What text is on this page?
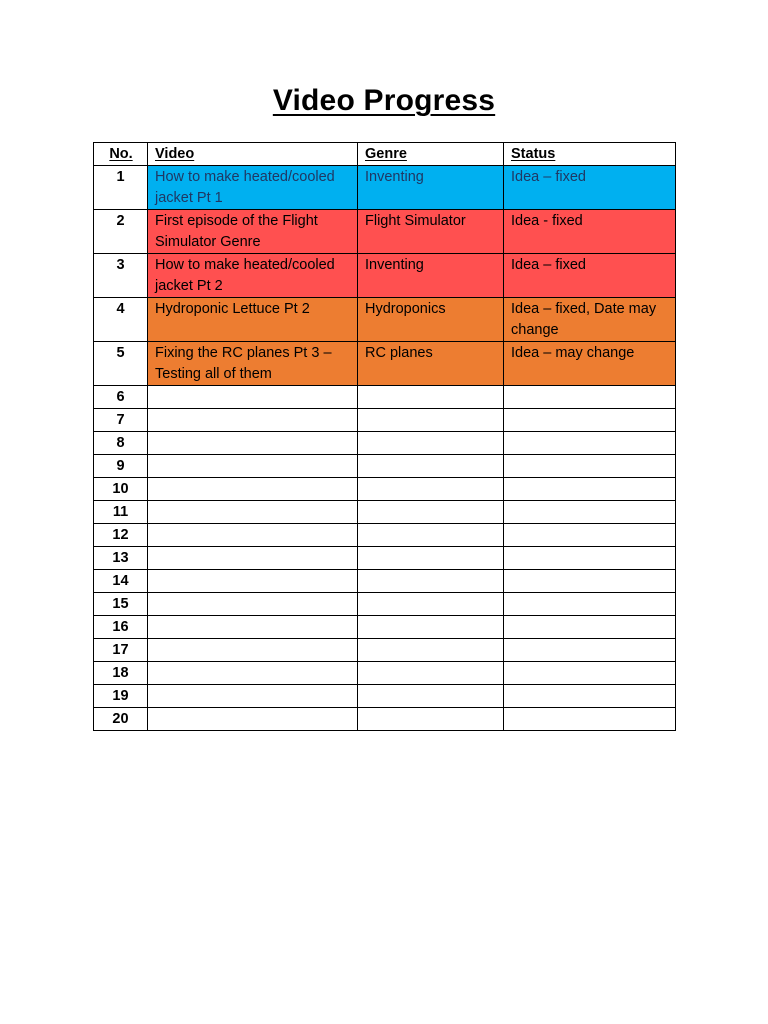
Video Progress
No.	Video	Genre	Status
1	How to make heated/cooled jacket Pt 1	Inventing	Idea – fixed
2	First episode of the Flight Simulator Genre	Flight Simulator	Idea - fixed
3	How to make heated/cooled jacket Pt 2	Inventing	Idea – fixed
4	Hydroponic Lettuce Pt 2	Hydroponics	Idea – fixed, Date may change
5	Fixing the RC planes Pt 3 – Testing all of them	RC planes	Idea – may change
6			
7			
8			
9			
10			
11			
12			
13			
14			
15			
16			
17			
18			
19			
20			
